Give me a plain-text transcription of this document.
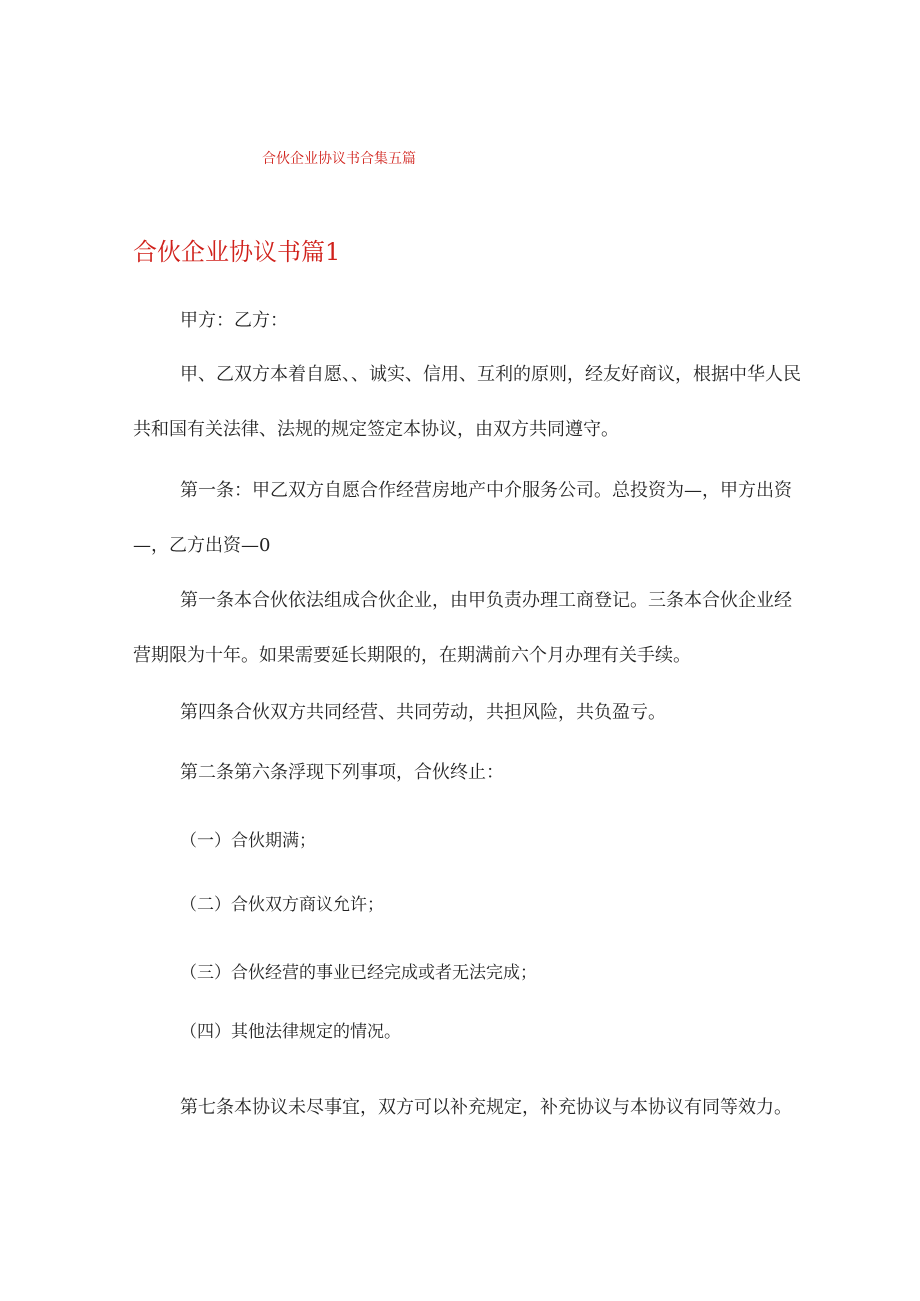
合伙企业协议书合集五篇
合伙企业协议书篇1
甲方：乙方：
甲、乙双方本着自愿、、诚实、信用、互利的原则，经友好商议，根据中华人民共和国有关法律、法规的规定签定本协议，由双方共同遵守。
第一条：甲乙双方自愿合作经营房地产中介服务公司。总投资为—，甲方出资—，乙方出资—0
第一条本合伙依法组成合伙企业，由甲负责办理工商登记。三条本合伙企业经营期限为十年。如果需要延长期限的，在期满前六个月办理有关手续。
第四条合伙双方共同经营、共同劳动，共担风险，共负盈亏。
第二条第六条浮现下列事项，合伙终止：
（一）合伙期满；
（二）合伙双方商议允许；
（三）合伙经营的事业已经完成或者无法完成；
（四）其他法律规定的情况。
第七条本协议未尽事宜，双方可以补充规定，补充协议与本协议有同等效力。
